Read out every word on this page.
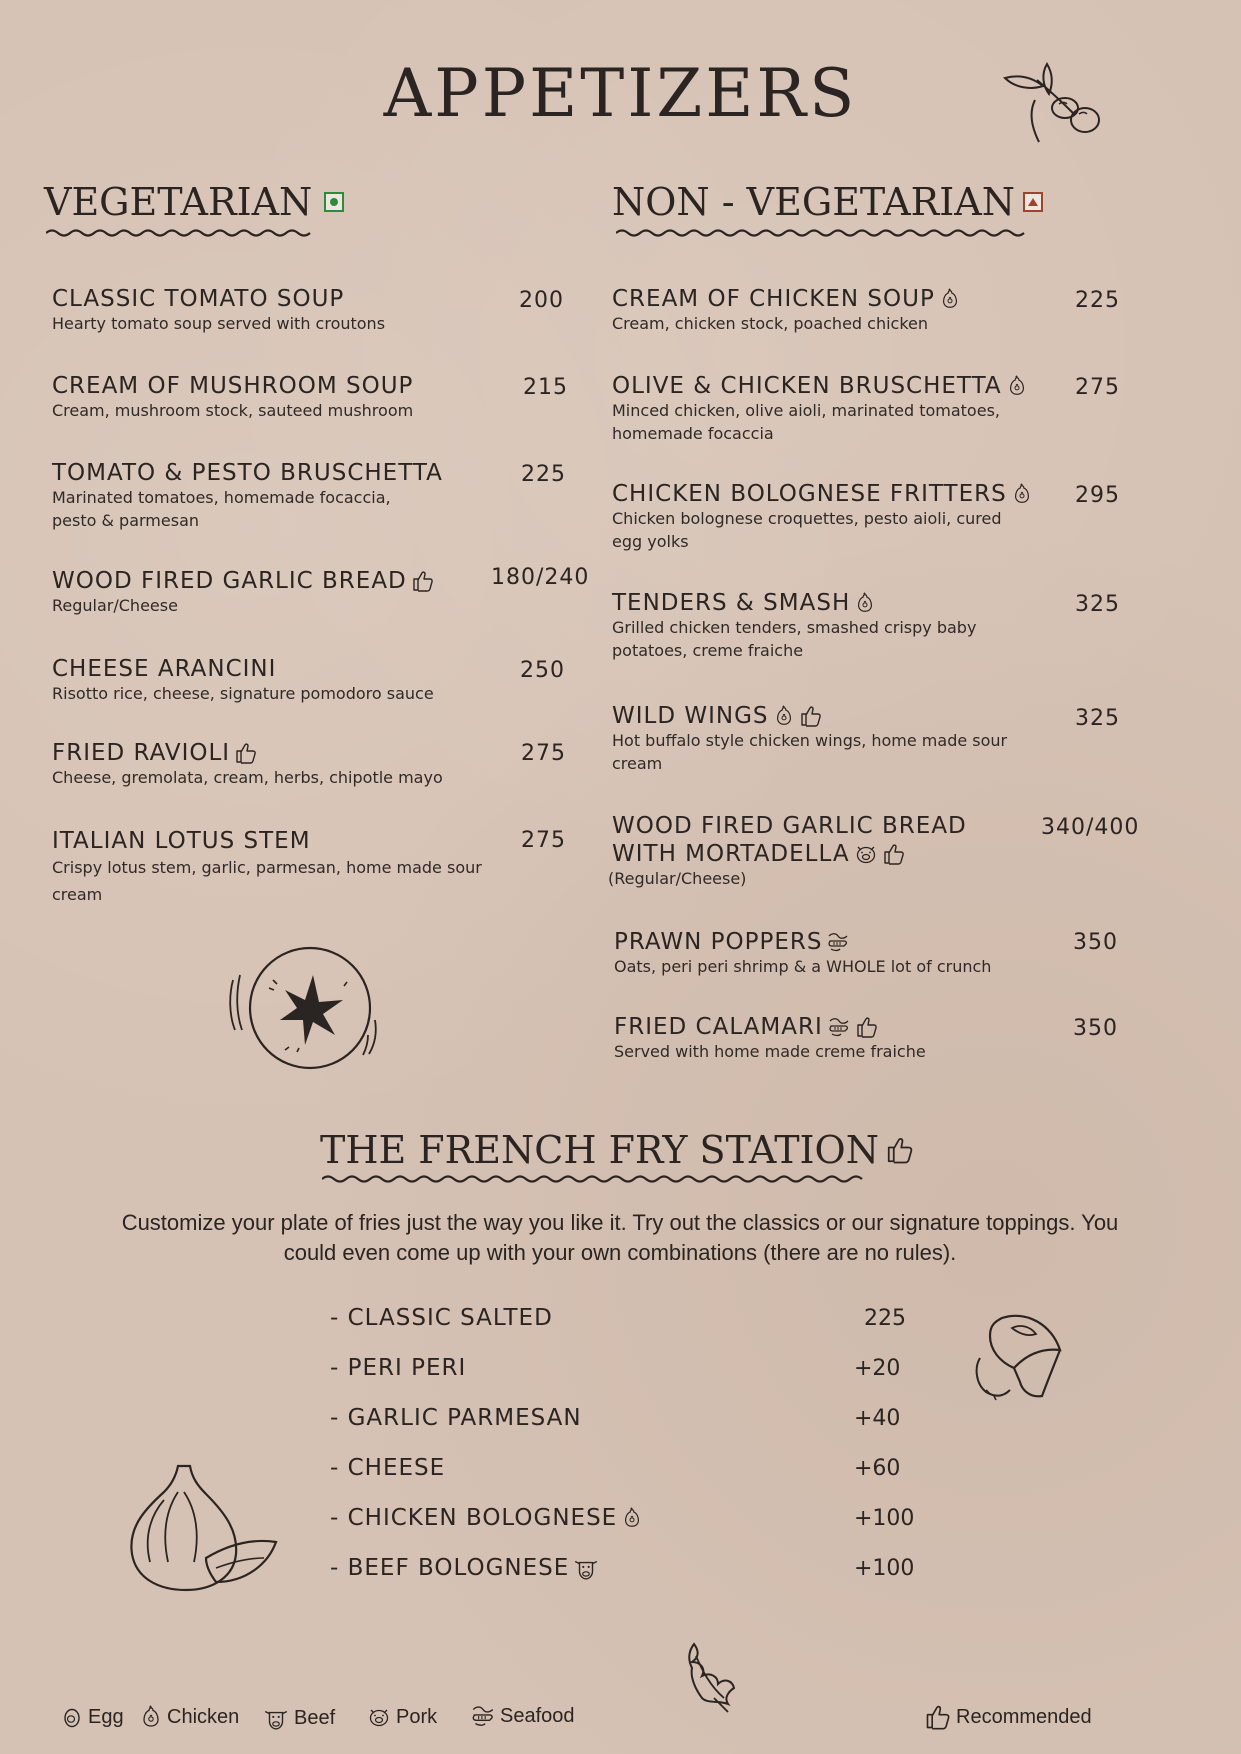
APPETIZERS
VEGETARIAN	NON - VEGETARIAN
CLASSIC TOMATO SOUP
Hearty tomato soup served with croutons
200
CREAM OF MUSHROOM SOUP
Cream, mushroom stock, sauteed mushroom
215
TOMATO & PESTO BRUSCHETTA
Marinated tomatoes, homemade focaccia, pesto & parmesan
225
WOOD FIRED GARLIC BREAD
Regular/Cheese
180/240
CHEESE ARANCINI
Risotto rice, cheese, signature pomodoro sauce
250
FRIED RAVIOLI
Cheese, gremolata, cream, herbs, chipotle mayo
275
ITALIAN LOTUS STEM
Crispy lotus stem, garlic, parmesan, home made sour cream
275
CREAM OF CHICKEN SOUP
Cream, chicken stock, poached chicken
225
OLIVE & CHICKEN BRUSCHETTA
Minced chicken, olive aioli, marinated tomatoes, homemade focaccia
275
CHICKEN BOLOGNESE FRITTERS
Chicken bolognese croquettes, pesto aioli, cured egg yolks
295
TENDERS & SMASH
Grilled chicken tenders, smashed crispy baby potatoes, creme fraiche
325
WILD WINGS
Hot buffalo style chicken wings, home made sour cream
325
WOOD FIRED GARLIC BREAD
WITH MORTADELLA
(Regular/Cheese)
340/400
PRAWN POPPERS
Oats, peri peri shrimp & a WHOLE lot of crunch
350
FRIED CALAMARI
Served with home made creme fraiche
350
THE FRENCH FRY STATION
Customize your plate of fries just the way you like it. Try out the classics or our signature toppings. You could even come up with your own combinations (there are no rules).
- CLASSIC SALTED	225
- PERI PERI	+20
- GARLIC PARMESAN	+40
- CHEESE	+60
- CHICKEN BOLOGNESE	+100
- BEEF BOLOGNESE	+100
Egg Chicken	Beef	Pork	Seafood	Recommended
